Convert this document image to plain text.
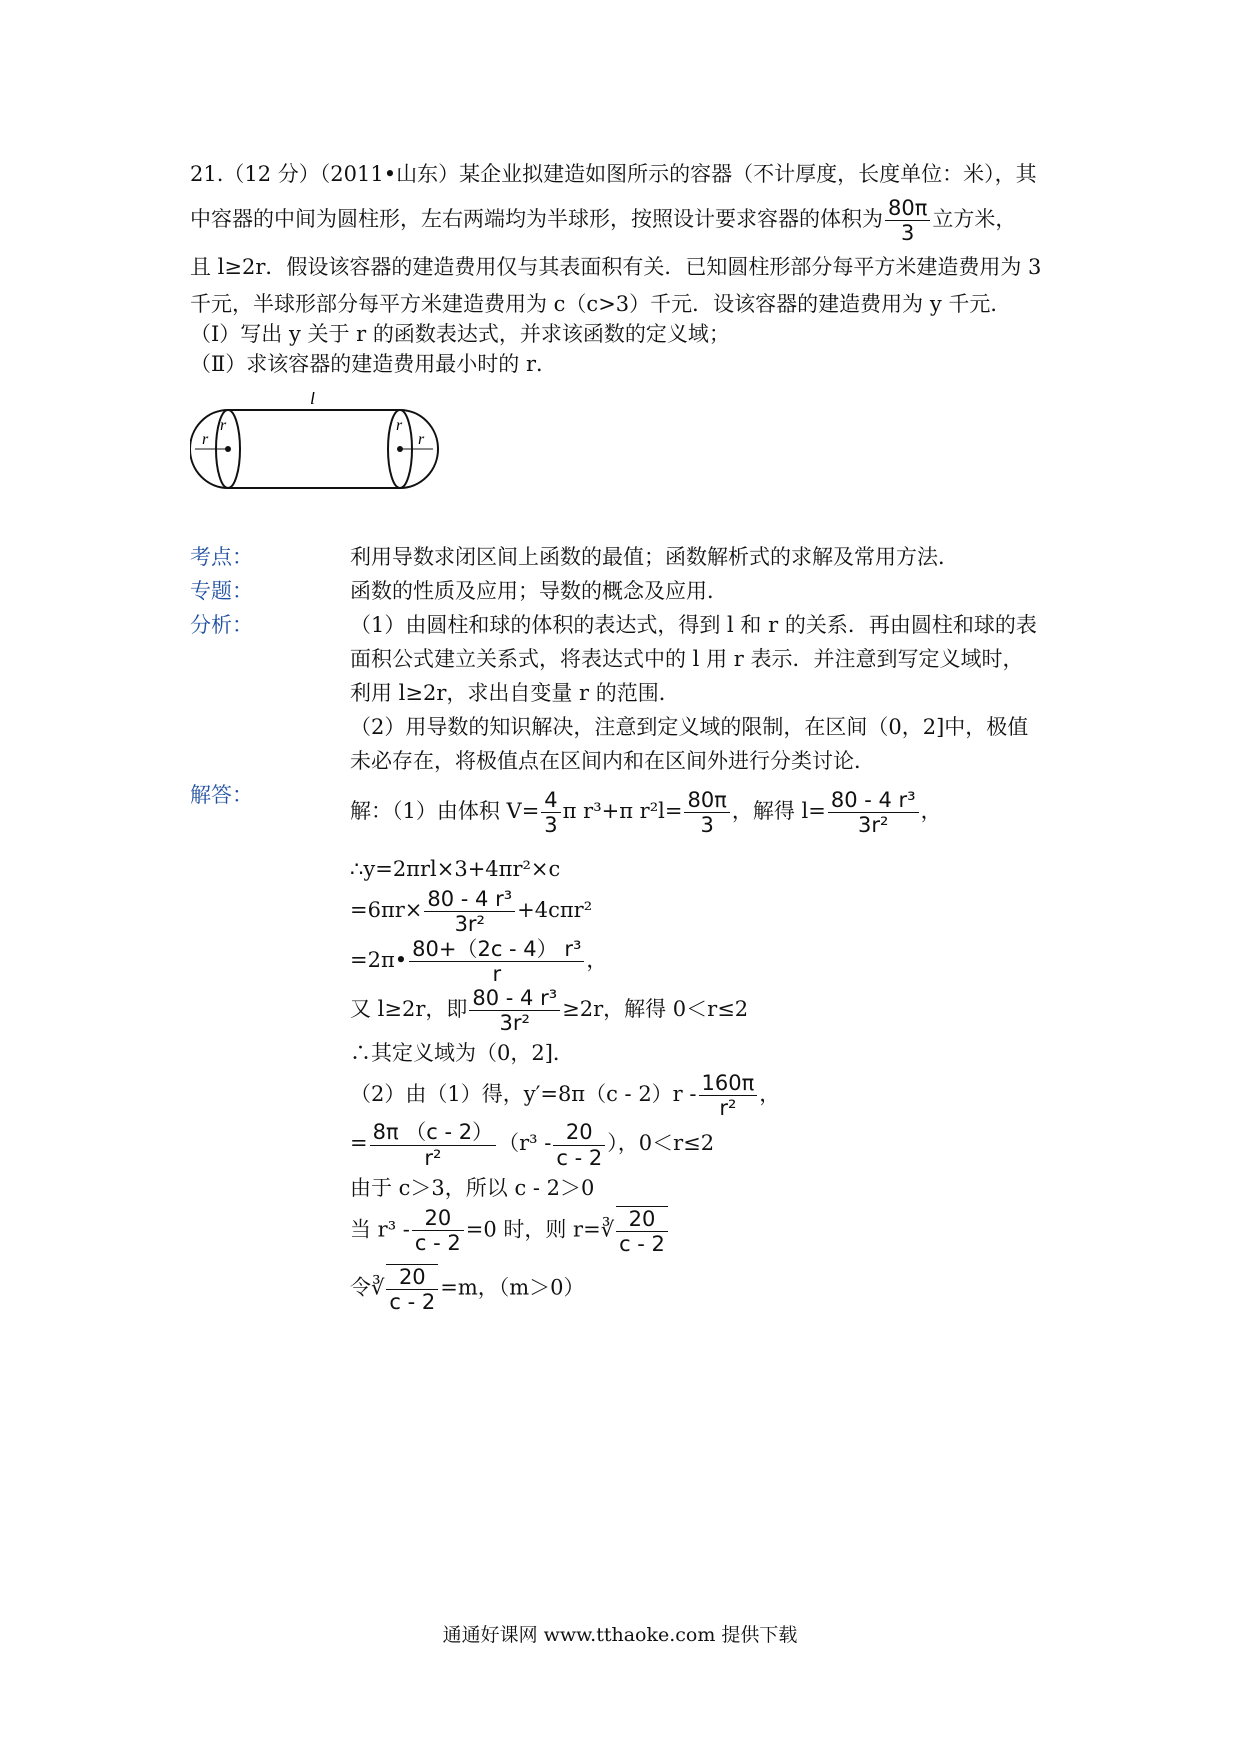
21.（12 分）（2011•山东）某企业拟建造如图所示的容器（不计厚度，长度单位：米），其

中容器的中间为圆柱形，左右两端均为半球形，按照设计要求容器的体积为 $\frac{80\pi}{3}$ 立方米，

且 l≥2r．假设该容器的建造费用仅与其表面积有关．已知圆柱形部分每平方米建造费用为 3

千元，半球形部分每平方米建造费用为 c（c>3）千元．设该容器的建造费用为 y 千元．

（Ⅰ）写出 y 关于 r 的函数表达式，并求该函数的定义域；

（Ⅱ）求该容器的建造费用最小时的 r．

l
r
r	r
r
考点：	利用导数求闭区间上函数的最值；函数解析式的求解及常用方法．
专题：	函数的性质及应用；导数的概念及应用．
分析：	（1）由圆柱和球的体积的表达式，得到 l 和 r 的关系．再由圆柱和球的表
面积公式建立关系式，将表达式中的 l 用 r 表示．并注意到写定义域时，
利用 l≥2r，求出自变量 r 的范围．
（2）用导数的知识解决，注意到定义域的限制，在区间（0，2]中，极值
未必存在，将极值点在区间内和在区间外进行分类讨论．
解答：

解：（1）由体积 $V= \frac{4}{3}$ π r³+π $r^2l= \frac{80\pi}{3}$ ，解得 $l= \frac{\text{80 - 4 r³}}{\text{3r²}}$ ，

∴y=2πrl×3+4πr²×c

$=6\pi r\times \frac{\text{80 - 4 r³}}{\text{3r²}} +4c\pi r^2$

=2π• $\frac{\text{80+（2c - 4） r³}}{r}$ ，

又 l≥2r，即 $\frac{\text{80 - 4 r³}}{\text{3r²}} \ge 2r$，解得 0＜r≤2

∴其定义域为（0，2]．

（2）由（1）得，$y'=8\pi(c - 2)r - \frac{160\pi}{\text{r²}}$ ，

= $\frac{8\pi (c - 2)}{\text{r²}} (r^3 - \frac{20}{c - 2}$ ），0＜r≤2

由于 c＞3，所以 c - 2＞0

当 $r^3 - \frac{20}{c - 2} =0$ 时，则 r=∛ $\frac{20}{c - 2}$

令∛ $\frac{20}{c - 2} =m$，（m＞0）

通通好课网 www.tthaoke.com 提供下载
